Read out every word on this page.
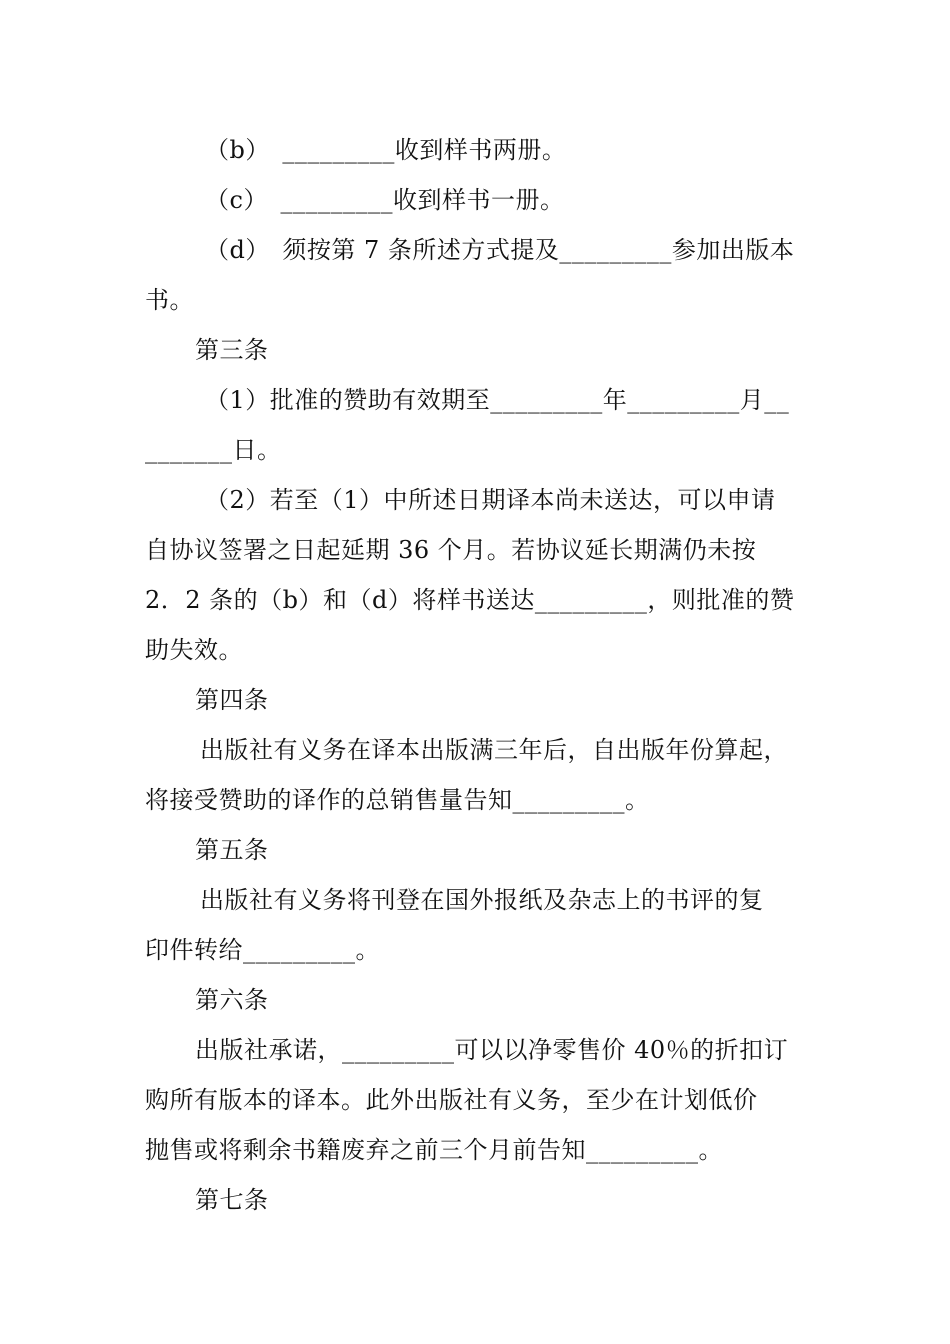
（b）　_________收到样书两册。
（c）　_________收到样书一册。
（d）　须按第 7 条所述方式提及_________参加出版本
书。
第三条
（1）批准的赞助有效期至_________年_________月__
_______日。
（2）若至（1）中所述日期译本尚未送达，可以申请
自协议签署之日起延期 36 个月。若协议延长期满仍未按
2．2 条的（b）和（d）将样书送达_________，则批准的赞
助失效。
第四条
出版社有义务在译本出版满三年后，自出版年份算起，
将接受赞助的译作的总销售量告知_________。
第五条
出版社有义务将刊登在国外报纸及杂志上的书评的复
印件转给_________。
第六条
出版社承诺，_________可以以净零售价 40％的折扣订
购所有版本的译本。此外出版社有义务，至少在计划低价
抛售或将剩余书籍废弃之前三个月前告知_________。
第七条
